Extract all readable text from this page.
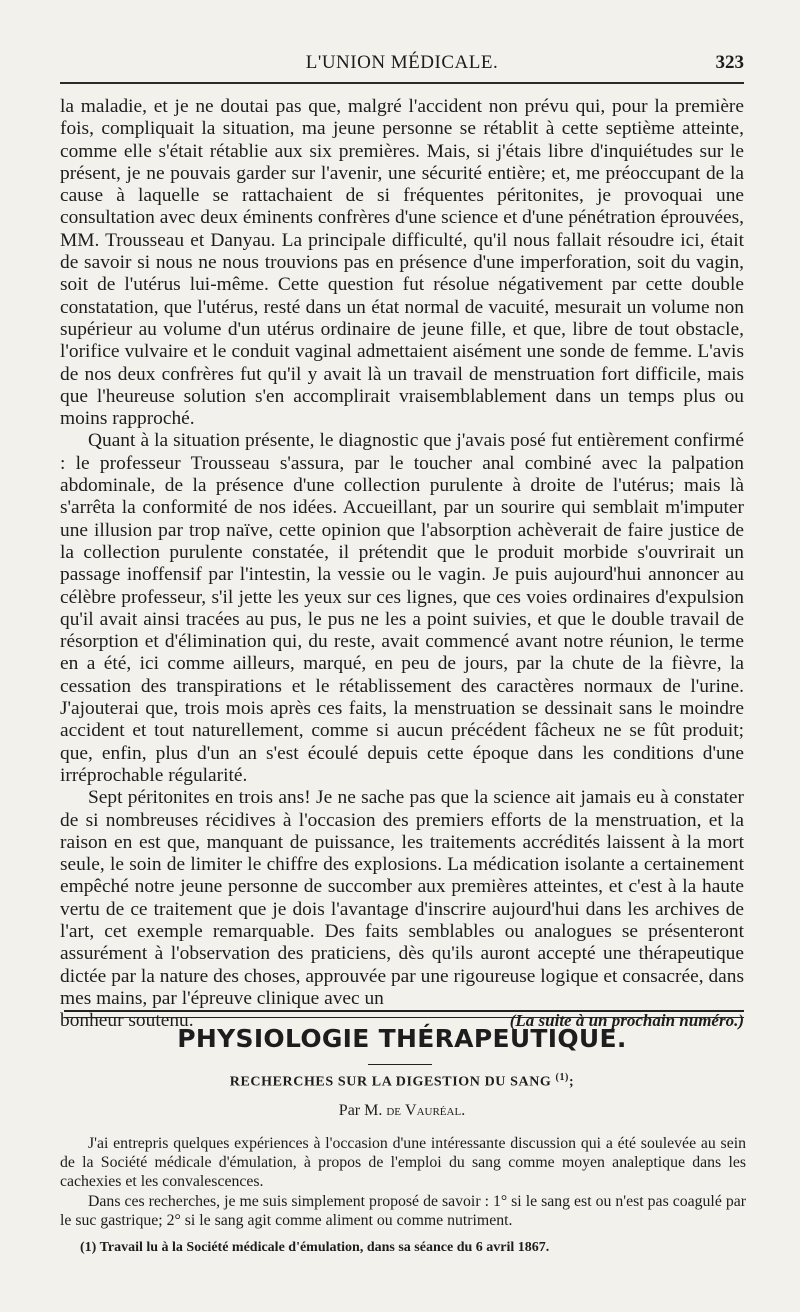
L'UNION MÉDICALE.	323

la maladie, et je ne doutai pas que, malgré l'accident non prévu qui, pour la première fois, compliquait la situation, ma jeune personne se rétablit à cette septième atteinte, comme elle s'était rétablie aux six premières. Mais, si j'étais libre d'inquiétudes sur le présent, je ne pouvais garder sur l'avenir, une sécurité entière; et, me préoccupant de la cause à laquelle se rattachaient de si fréquentes péritonites, je provoquai une consultation avec deux éminents confrères d'une science et d'une pénétration éprouvées, MM. Trousseau et Danyau. La principale difficulté, qu'il nous fallait résoudre ici, était de savoir si nous ne nous trouvions pas en présence d'une imperforation, soit du vagin, soit de l'utérus lui-même. Cette question fut résolue négativement par cette double constatation, que l'utérus, resté dans un état normal de vacuité, mesurait un volume non supérieur au volume d'un utérus ordinaire de jeune fille, et que, libre de tout obstacle, l'orifice vulvaire et le conduit vaginal admettaient aisément une sonde de femme. L'avis de nos deux confrères fut qu'il y avait là un travail de menstruation fort difficile, mais que l'heureuse solution s'en accomplirait vraisemblablement dans un temps plus ou moins rapproché.

Quant à la situation présente, le diagnostic que j'avais posé fut entièrement confirmé : le professeur Trousseau s'assura, par le toucher anal combiné avec la palpation abdominale, de la présence d'une collection purulente à droite de l'utérus; mais là s'arrêta la conformité de nos idées. Accueillant, par un sourire qui semblait m'imputer une illusion par trop naïve, cette opinion que l'absorption achèverait de faire justice de la collection purulente constatée, il prétendit que le produit morbide s'ouvrirait un passage inoffensif par l'intestin, la vessie ou le vagin. Je puis aujourd'hui annoncer au célèbre professeur, s'il jette les yeux sur ces lignes, que ces voies ordinaires d'expulsion qu'il avait ainsi tracées au pus, le pus ne les a point suivies, et que le double travail de résorption et d'élimination qui, du reste, avait commencé avant notre réunion, le terme en a été, ici comme ailleurs, marqué, en peu de jours, par la chute de la fièvre, la cessation des transpirations et le rétablissement des caractères normaux de l'urine. J'ajouterai que, trois mois après ces faits, la menstruation se dessinait sans le moindre accident et tout naturellement, comme si aucun précédent fâcheux ne se fût produit; que, enfin, plus d'un an s'est écoulé depuis cette époque dans les conditions d'une irréprochable régularité.

Sept péritonites en trois ans! Je ne sache pas que la science ait jamais eu à constater de si nombreuses récidives à l'occasion des premiers efforts de la menstruation, et la raison en est que, manquant de puissance, les traitements accrédités laissent à la mort seule, le soin de limiter le chiffre des explosions. La médication isolante a certainement empêché notre jeune personne de succomber aux premières atteintes, et c'est à la haute vertu de ce traitement que je dois l'avantage d'inscrire aujourd'hui dans les archives de l'art, cet exemple remarquable. Des faits semblables ou analogues se présenteront assurément à l'observation des praticiens, dès qu'ils auront accepté une thérapeutique dictée par la nature des choses, approuvée par une rigoureuse logique et consacrée, dans mes mains, par l'épreuve clinique avec un

bonheur soutenu.	(La suite à un prochain numéro.)
PHYSIOLOGIE THÉRAPEUTIQUE.
RECHERCHES SUR LA DIGESTION DU SANG $^{(1)}$;
Par M. de Vauréal.

J'ai entrepris quelques expériences à l'occasion d'une intéressante discussion qui a été soulevée au sein de la Société médicale d'émulation, à propos de l'emploi du sang comme moyen analeptique dans les cachexies et les convalescences.

Dans ces recherches, je me suis simplement proposé de savoir : 1° si le sang est ou n'est pas coagulé par le suc gastrique; 2° si le sang agit comme aliment ou comme nutriment.

(1) Travail lu à la Société médicale d'émulation, dans sa séance du 6 avril 1867.
